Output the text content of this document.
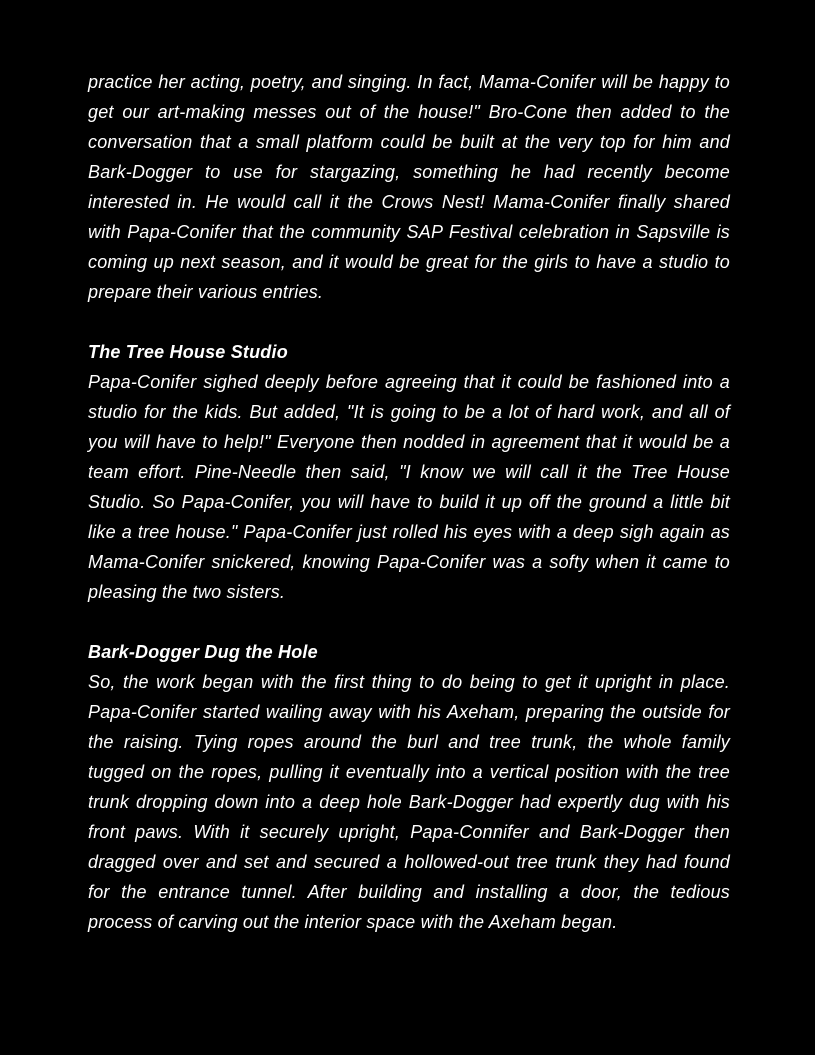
practice her acting, poetry, and singing. In fact, Mama-Conifer will be happy to get our art-making messes out of the house!" Bro-Cone then added to the conversation that a small platform could be built at the very top for him and Bark-Dogger to use for stargazing, something he had recently become interested in. He would call it the Crows Nest! Mama-Conifer finally shared with Papa-Conifer that the community SAP Festival celebration in Sapsville is coming up next season, and it would be great for the girls to have a studio to prepare their various entries.

The Tree House Studio

Papa-Conifer sighed deeply before agreeing that it could be fashioned into a studio for the kids. But added, "It is going to be a lot of hard work, and all of you will have to help!" Everyone then nodded in agreement that it would be a team effort. Pine-Needle then said, "I know we will call it the Tree House Studio. So Papa-Conifer, you will have to build it up off the ground a little bit like a tree house." Papa-Conifer just rolled his eyes with a deep sigh again as Mama-Conifer snickered, knowing Papa-Conifer was a softy when it came to pleasing the two sisters.

Bark-Dogger Dug the Hole

So, the work began with the first thing to do being to get it upright in place. Papa-Conifer started wailing away with his Axeham, preparing the outside for the raising. Tying ropes around the burl and tree trunk, the whole family tugged on the ropes, pulling it eventually into a vertical position with the tree trunk dropping down into a deep hole Bark-Dogger had expertly dug with his front paws. With it securely upright, Papa-Connifer and Bark-Dogger then dragged over and set and secured a hollowed-out tree trunk they had found for the entrance tunnel. After building and installing a door, the tedious process of carving out the interior space with the Axeham began.
